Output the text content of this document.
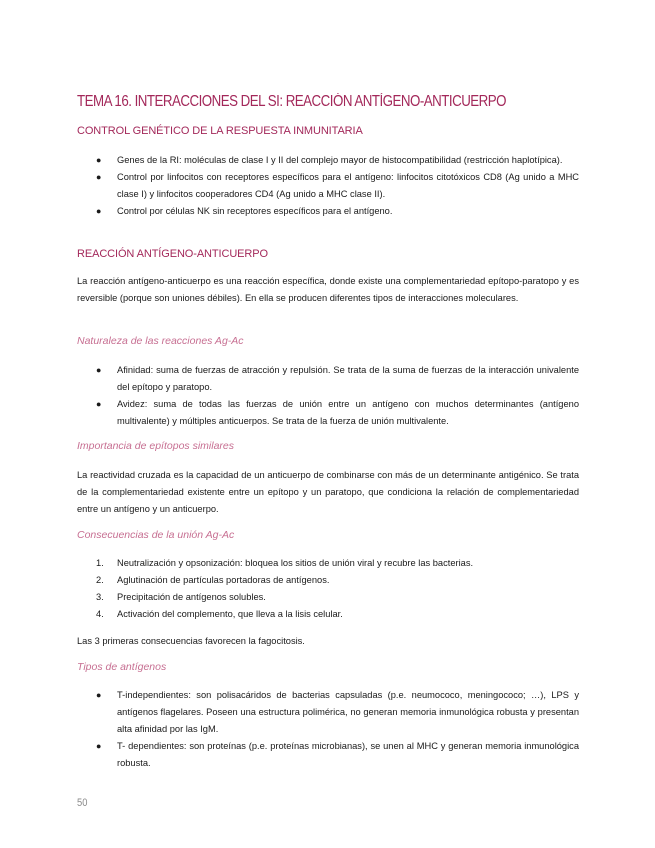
TEMA 16. INTERACCIONES DEL SI: REACCIÓN ANTÍGENO-ANTICUERPO
CONTROL GENÉTICO DE LA RESPUESTA INMUNITARIA
● Genes de la RI: moléculas de clase I y II del complejo mayor de histocompatibilidad (restricción haplotípica).
● Control por linfocitos con receptores específicos para el antígeno: linfocitos citotóxicos CD8 (Ag unido a MHC clase I) y linfocitos cooperadores CD4 (Ag unido a MHC clase II).
● Control por células NK sin receptores específicos para el antígeno.
REACCIÓN ANTÍGENO-ANTICUERPO
La reacción antígeno-anticuerpo es una reacción específica, donde existe una complementariedad epítopo-paratopo y es reversible (porque son uniones débiles). En ella se producen diferentes tipos de interacciones moleculares.
Naturaleza de las reacciones Ag-Ac
● Afinidad: suma de fuerzas de atracción y repulsión. Se trata de la suma de fuerzas de la interacción univalente del epítopo y paratopo.
● Avidez: suma de todas las fuerzas de unión entre un antígeno con muchos determinantes (antígeno multivalente) y múltiples anticuerpos. Se trata de la fuerza de unión multivalente.
Importancia de epítopos similares
La reactividad cruzada es la capacidad de un anticuerpo de combinarse con más de un determinante antigénico. Se trata de la complementariedad existente entre un epítopo y un paratopo, que condiciona la relación de complementariedad entre un antígeno y un anticuerpo.
Consecuencias de la unión Ag-Ac
1. Neutralización y opsonización: bloquea los sitios de unión viral y recubre las bacterias.
2. Aglutinación de partículas portadoras de antígenos.
3. Precipitación de antígenos solubles.
4. Activación del complemento, que lleva a la lisis celular.
Las 3 primeras consecuencias favorecen la fagocitosis.
Tipos de antígenos
● T-independientes: son polisacáridos de bacterias capsuladas (p.e. neumococo, meningococo; …), LPS y antígenos flagelares. Poseen una estructura polimérica, no generan memoria inmunológica robusta y presentan alta afinidad por las IgM.
● T- dependientes: son proteínas (p.e. proteínas microbianas), se unen al MHC y generan memoria inmunológica robusta.
50
